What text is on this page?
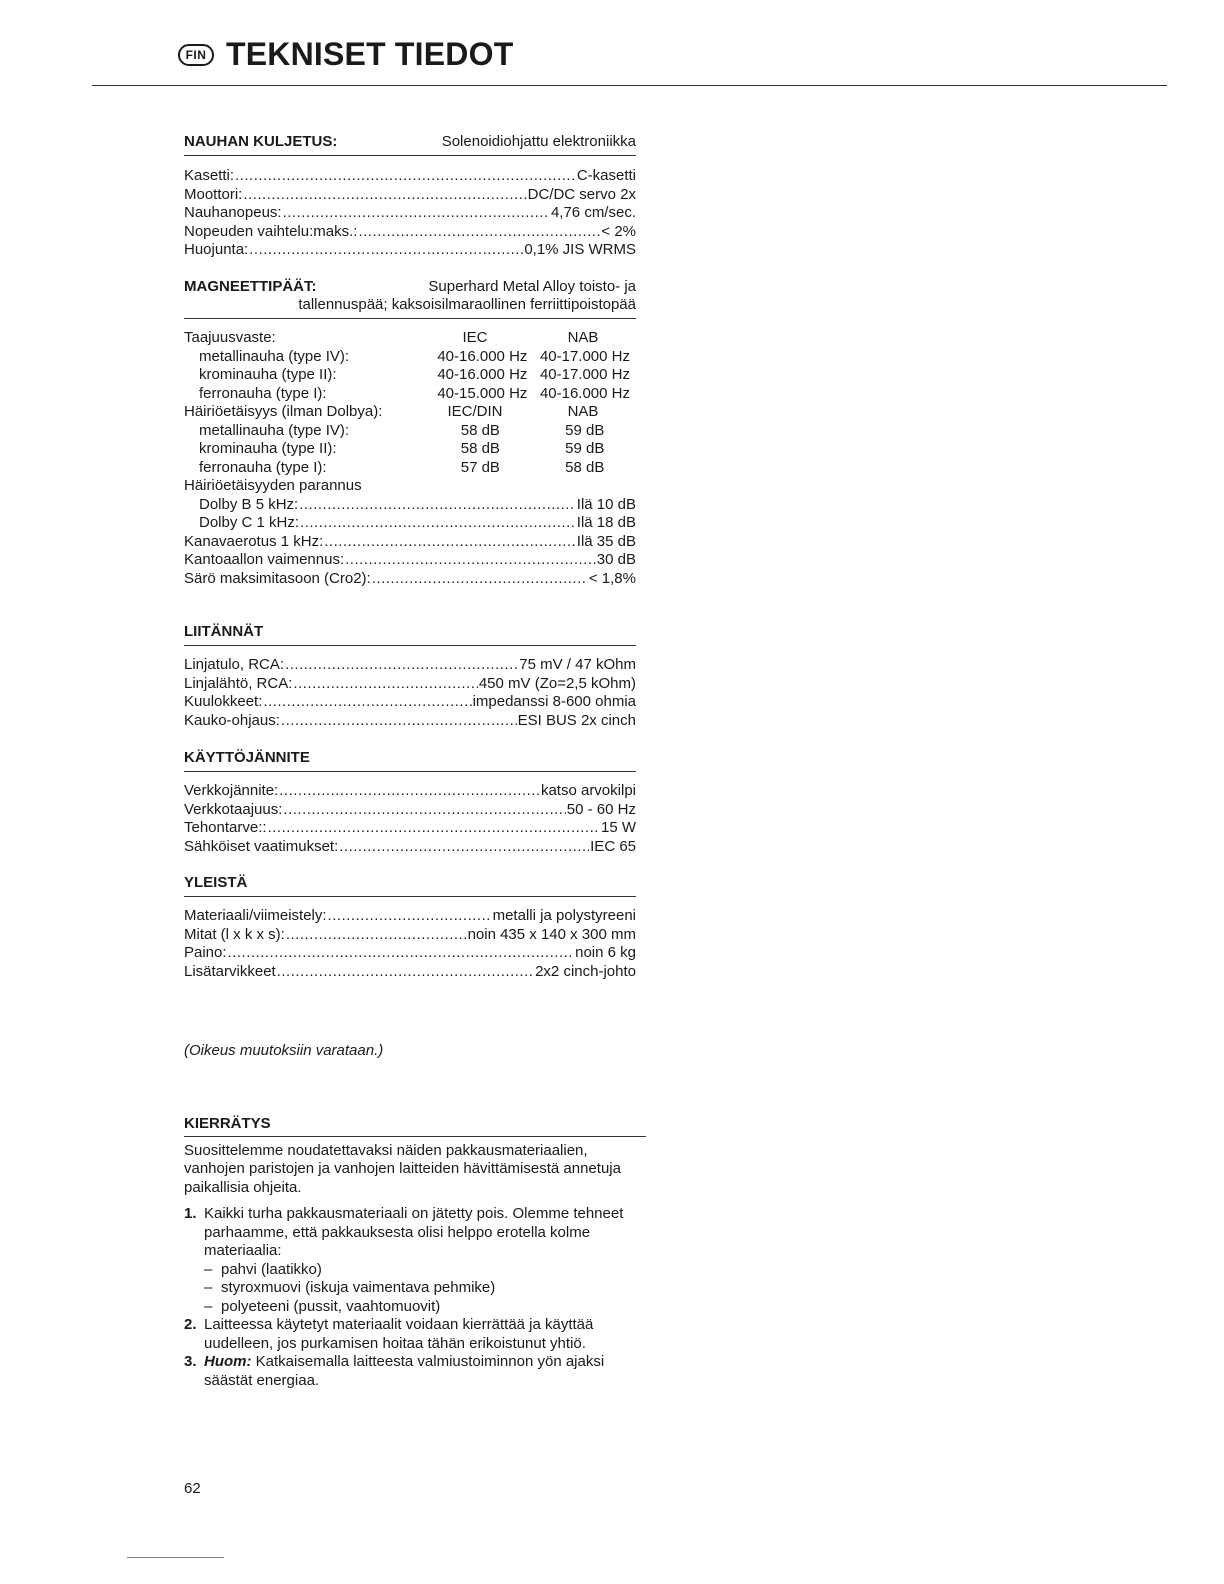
FIN TEKNISET TIEDOT
NAUHAN KULJETUS:	Solenoidiohjattu elektroniikka
Kasetti: .....	C-kasetti
Moottori: .....	DC/DC servo 2x
Nauhanopeus: .....	4,76 cm/sec.
Nopeuden vaihtelu:maks.: .....	< 2%
Huojunta: .....	0,1% JIS WRMS
MAGNEETTIPÄÄT:	Superhard Metal Alloy toisto- ja
tallennuspää; kaksoisilmaraollinen ferriittipoistopää
Taajuusvaste:	IEC	NAB
metallinauha (type IV):	40-16.000 Hz 40-17.000 Hz
krominauha (type II):	40-16.000 Hz 40-17.000 Hz
ferronauha (type I):	40-15.000 Hz 40-16.000 Hz
Häiriöetäisyys (ilman Dolbya):	IEC/DIN	NAB
metallinauha (type IV):	58 dB	59 dB
krominauha (type II):	58 dB	59 dB
ferronauha (type I):	57 dB	58 dB
Häiriöetäisyyden parannus
Dolby B 5 kHz: .....	Ilä 10 dB
Dolby C 1 kHz: .....	Ilä 18 dB
Kanavaerotus 1 kHz: .....	Ilä 35 dB
Kantoaallon vaimennus: .....	30 dB
Särö maksimitasoon (Cro2): .....	< 1,8%
LIITÄNNÄT
Linjatulo, RCA: .....	75 mV / 47 kOhm
Linjalähtö, RCA: .....	450 mV (Zo=2,5 kOhm)
Kuulokkeet: .....	impedanssi 8-600 ohmia
Kauko-ohjaus: .....	ESI BUS 2x cinch
KÄYTTÖJÄNNITE
Verkkojännite: .....	katso arvokilpi
Verkkotaajuus: .....	50 - 60 Hz
Tehontarve:: .....	15 W
Sähköiset vaatimukset: .....	IEC 65
YLEISTÄ
Materiaali/viimeistely: .....	metalli ja polystyreeni
Mitat (l x k x s): .....	noin 435 x 140 x 300 mm
Paino: .....	noin 6 kg
Lisätarvikkeet .....	2x2 cinch-johto
(Oikeus muutoksiin varataan.)
KIERRÄTYS

Suosittelemme noudatettavaksi näiden pakkausmateriaalien, vanhojen paristojen ja vanhojen laitteiden hävittämisestä annetuja paikallisia ohjeita.

1. Kaikki turha pakkausmateriaali on jätetty pois. Olemme tehneet parhaamme, että pakkauksesta olisi helppo erotella kolme materiaalia:
– pahvi (laatikko)
– styroxmuovi (iskuja vaimentava pehmike)
– polyeteeni (pussit, vaahtomuovit)
2. Laitteessa käytetyt materiaalit voidaan kierrättää ja käyttää uudelleen, jos purkamisen hoitaa tähän erikoistunut yhtiö.
3. Huom: Katkaisemalla laitteesta valmiustoiminnon yön ajaksi säästät energiaa.
62
